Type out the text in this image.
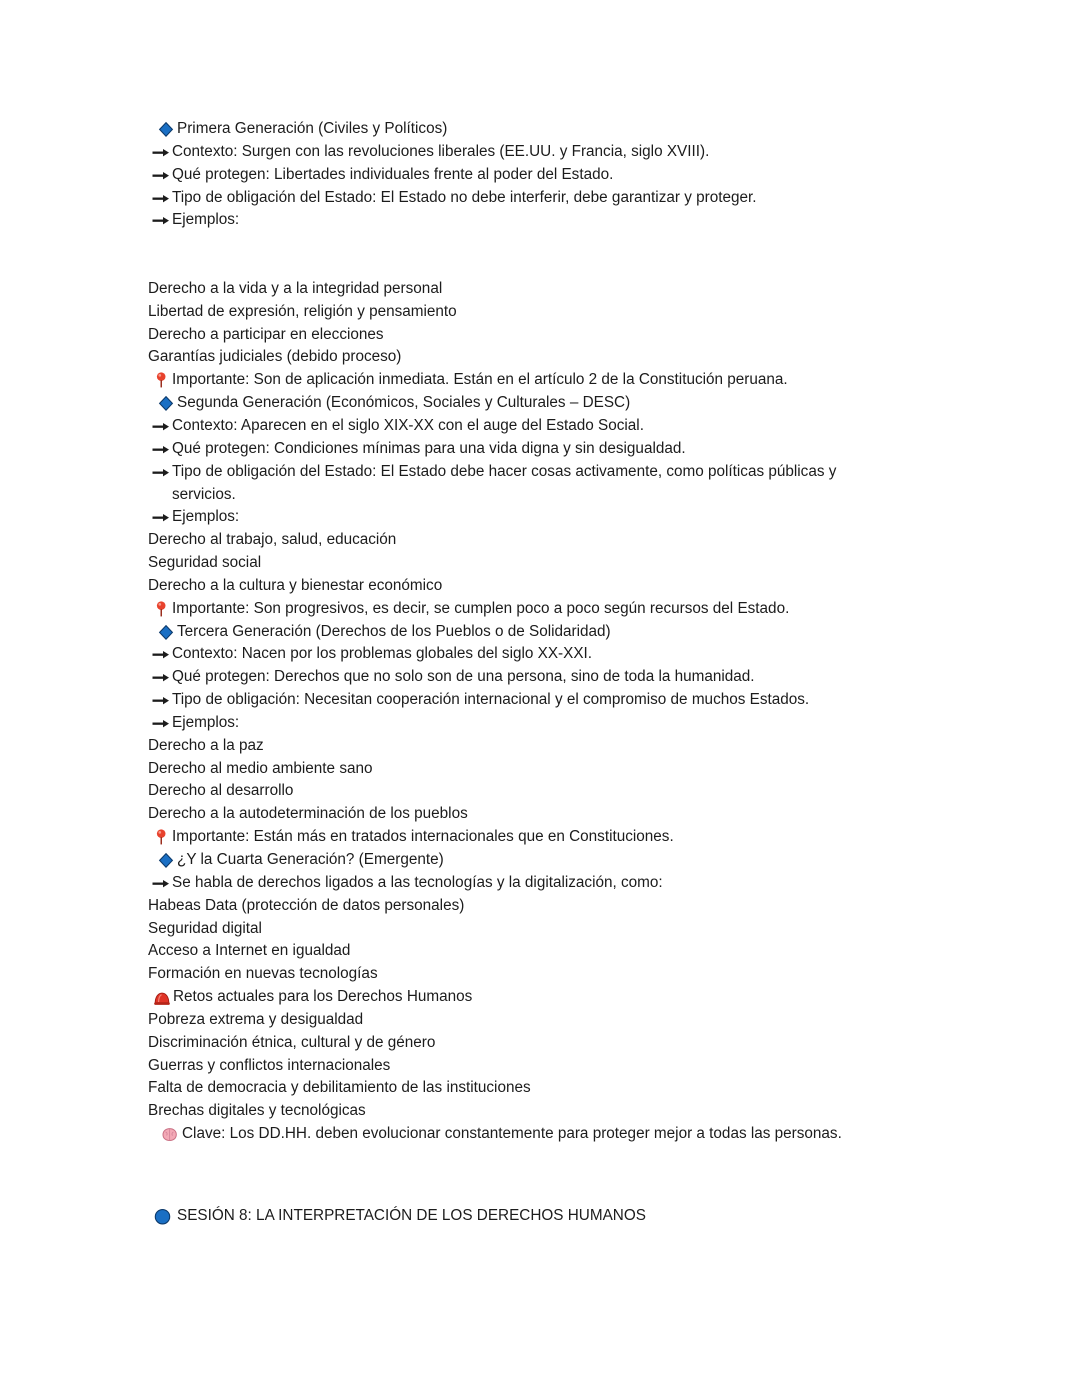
Primera Generación (Civiles y Políticos)
Contexto: Surgen con las revoluciones liberales (EE.UU. y Francia, siglo XVIII).
Qué protegen: Libertades individuales frente al poder del Estado.
Tipo de obligación del Estado: El Estado no debe interferir, debe garantizar y proteger.
Ejemplos:
Derecho a la vida y a la integridad personal
Libertad de expresión, religión y pensamiento
Derecho a participar en elecciones
Garantías judiciales (debido proceso)
Importante: Son de aplicación inmediata. Están en el artículo 2 de la Constitución peruana.
Segunda Generación (Económicos, Sociales y Culturales – DESC)
Contexto: Aparecen en el siglo XIX-XX con el auge del Estado Social.
Qué protegen: Condiciones mínimas para una vida digna y sin desigualdad.
Tipo de obligación del Estado: El Estado debe hacer cosas activamente, como políticas públicas y servicios.
Ejemplos:
Derecho al trabajo, salud, educación
Seguridad social
Derecho a la cultura y bienestar económico
Importante: Son progresivos, es decir, se cumplen poco a poco según recursos del Estado.
Tercera Generación (Derechos de los Pueblos o de Solidaridad)
Contexto: Nacen por los problemas globales del siglo XX-XXI.
Qué protegen: Derechos que no solo son de una persona, sino de toda la humanidad.
Tipo de obligación: Necesitan cooperación internacional y el compromiso de muchos Estados.
Ejemplos:
Derecho a la paz
Derecho al medio ambiente sano
Derecho al desarrollo
Derecho a la autodeterminación de los pueblos
Importante: Están más en tratados internacionales que en Constituciones.
¿Y la Cuarta Generación? (Emergente)
Se habla de derechos ligados a las tecnologías y la digitalización, como:
Habeas Data (protección de datos personales)
Seguridad digital
Acceso a Internet en igualdad
Formación en nuevas tecnologías
Retos actuales para los Derechos Humanos
Pobreza extrema y desigualdad
Discriminación étnica, cultural y de género
Guerras y conflictos internacionales
Falta de democracia y debilitamiento de las instituciones
Brechas digitales y tecnológicas
Clave: Los DD.HH. deben evolucionar constantemente para proteger mejor a todas las personas.
SESIÓN 8: LA INTERPRETACIÓN DE LOS DERECHOS HUMANOS
